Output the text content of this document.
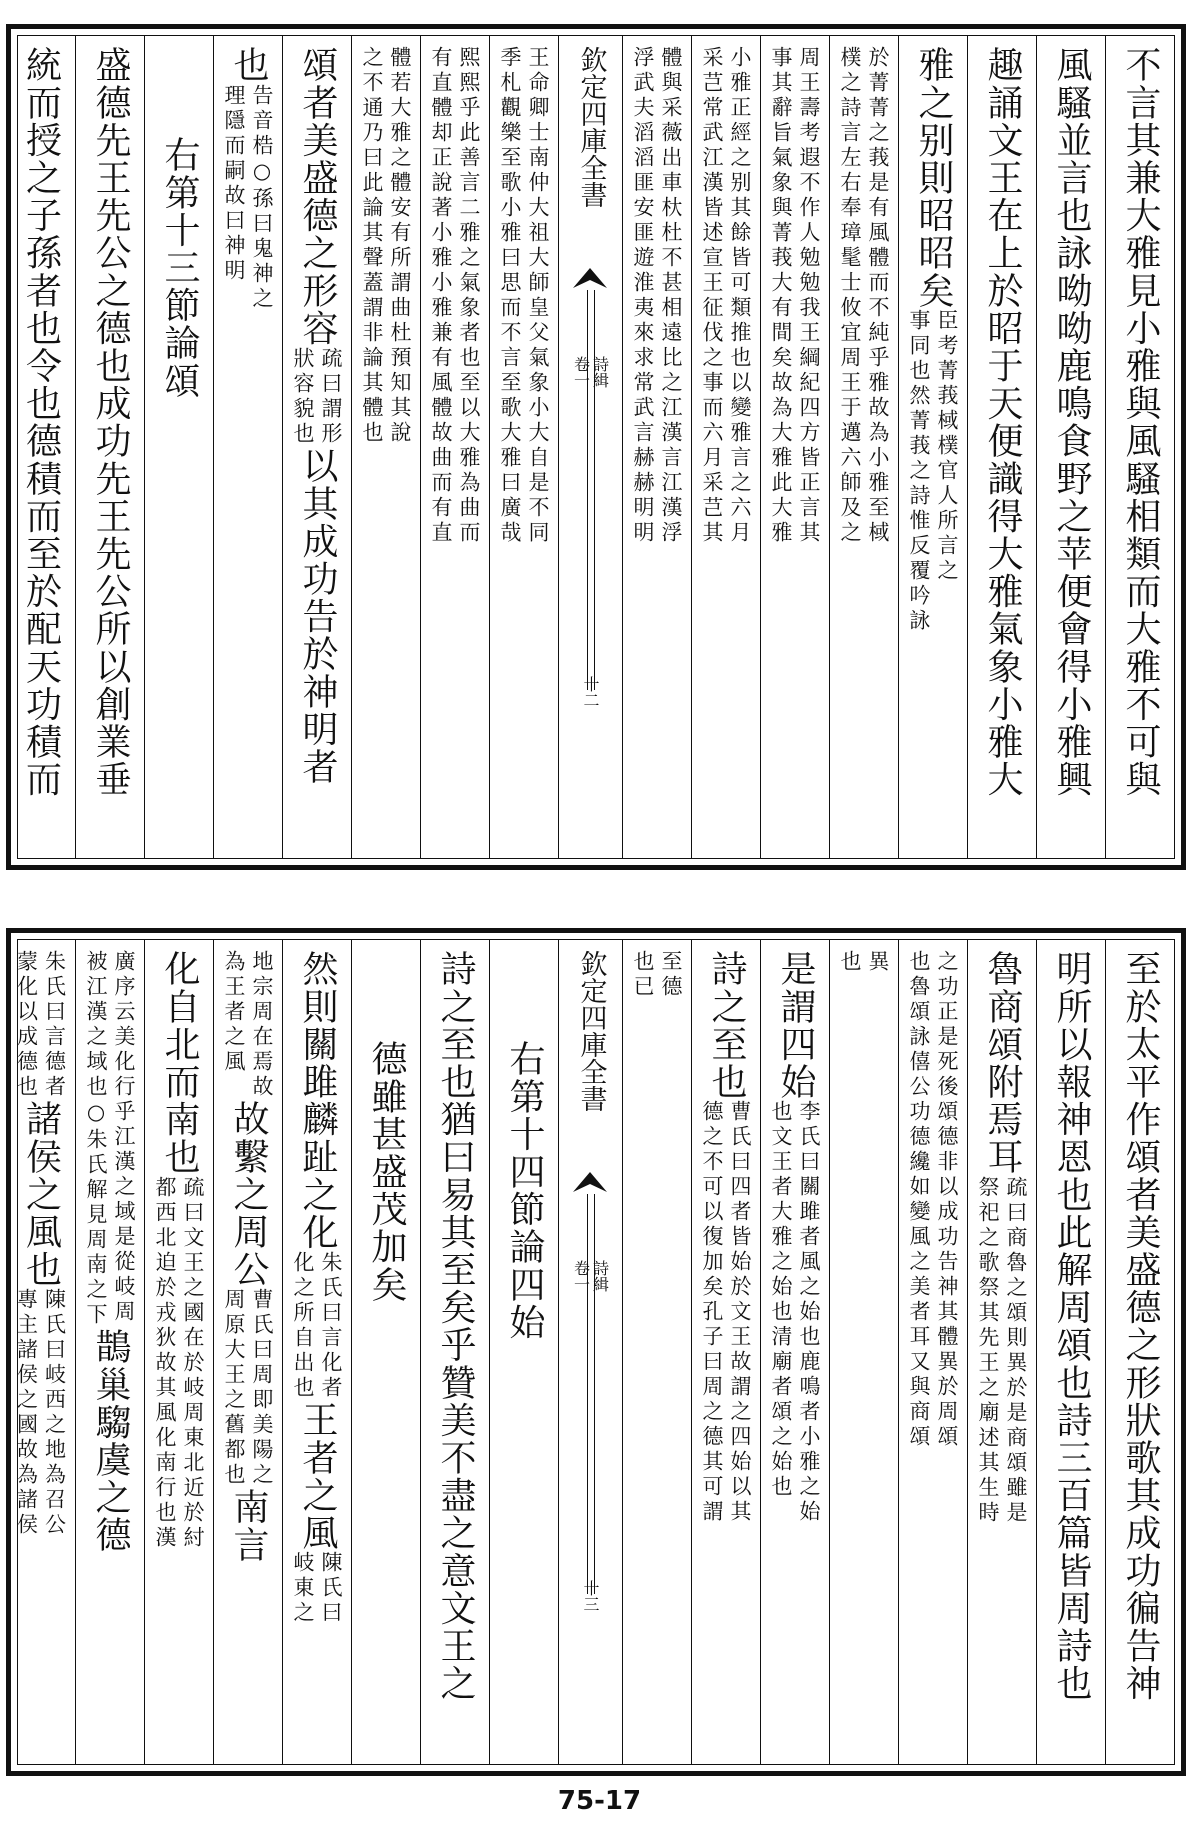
不言其兼大雅見小雅與風騷相類而大雅不可與
風騷並言也詠呦呦鹿鳴食野之苹便會得小雅興
趣誦文王在上於昭于天便識得大雅氣象小雅大
雅之别則昭昭矣
臣考菁莪棫樸官人所言之
事同也然菁莪之詩惟反覆吟詠
於菁菁之莪是有風體而不純乎雅故為小雅至棫
樸之詩言左右奉璋髦士攸宜周王于邁六師及之
周王壽考遐不作人勉勉我王綱紀四方皆正言其
事其辭旨氣象與菁莪大有間矣故為大雅此大雅
小雅正經之别其餘皆可類推也以變雅言之六月
采芑常武江漢皆述宣王征伐之事而六月采芑其
體與采薇出車杕杜不甚相遠比之江漢言江漢浮
浮武夫滔滔匪安匪遊淮夷來求常武言赫赫明明
欽定四庫全書
詩緝
卷一
十二
王命卿士南仲大祖大師皇父氣象小大自是不同
季札觀樂至歌小雅曰思而不言至歌大雅曰廣哉
熙熙乎此善言二雅之氣象者也至以大雅為曲而
有直體却正說著小雅小雅兼有風體故曲而有直
體若大雅之體安有所謂曲杜預知其說
之不通乃曰此論其聲蓋謂非論其體也
頌者美盛德之形容
疏曰謂形
狀容貌也
以其成功告於神明者
也
告音梏○孫曰鬼神之
理隱而嗣故曰神明
右第十三節論頌
盛德先王先公之德也成功先王先公所以創業垂
統而授之子孫者也令也德積而至於配天功積而
至於太平作頌者美盛德之形狀歌其成功徧告神
明所以報神恩也此解周頌也詩三百篇皆周詩也
魯商頌附焉耳
疏曰商魯之頌則異於是商頌雖是
祭祀之歌祭其先王之廟述其生時
之功正是死後頌德非以成功告神其體異於周頌
也魯頌詠僖公功德纔如變風之美者耳又與商頌
異
也
是謂四始
李氏曰關雎者風之始也鹿鳴者小雅之始
也文王者大雅之始也清廟者頌之始也
詩之至也
曹氏曰四者皆始於文王故謂之四始以其
德之不可以復加矣孔子曰周之德其可謂
至德
也已
欽定四庫全書
詩緝
卷一
十三
右第十四節論四始
詩之至也猶曰易其至矣乎贊美不盡之意文王之
德雖甚盛茂加矣
然則關雎麟趾之化
朱氏曰言化者
化之所自出也
王者之風
陳氏曰
岐東之
地宗周在焉故
為王者之風
故繫之周公
曹氏曰周即美陽之
周原大王之舊都也
南言
化自北而南也
疏曰文王之國在於岐周東北近於紂
都西北迫於戎狄故其風化南行也漢
廣序云美化行乎江漢之域是從岐周
被江漢之域也○朱氏解見周南之下
鵲巢騶虞之德
朱氏曰言德者
蒙化以成德也
諸侯之風也
陳氏曰岐西之地為召公
專主諸侯之國故為諸侯
75-17
